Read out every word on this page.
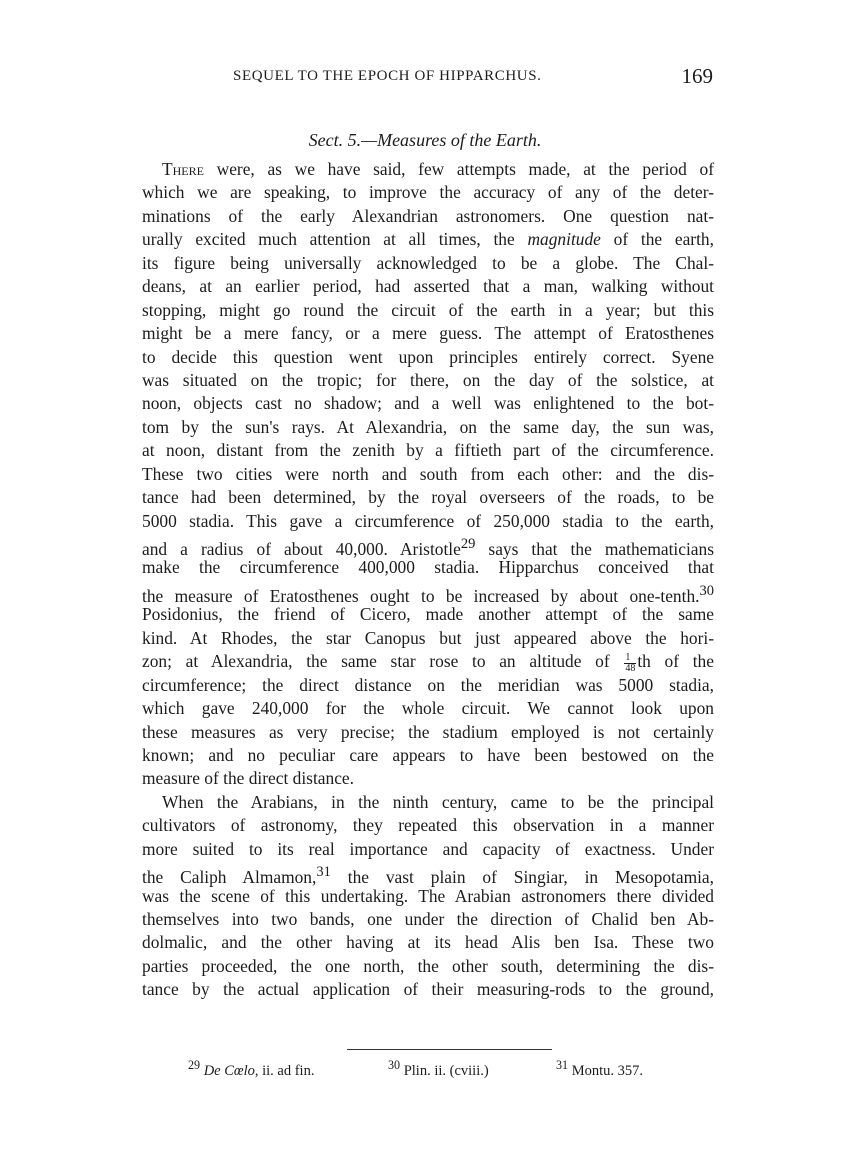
SEQUEL TO THE EPOCH OF HIPPARCHUS.	169
Sect. 5.—Measures of the Earth.
There were, as we have said, few attempts made, at the period of
which we are speaking, to improve the accuracy of any of the deter-
minations of the early Alexandrian astronomers. One question nat-
urally excited much attention at all times, the magnitude of the earth,
its figure being universally acknowledged to be a globe. The Chal-
deans, at an earlier period, had asserted that a man, walking without
stopping, might go round the circuit of the earth in a year; but this
might be a mere fancy, or a mere guess. The attempt of Eratosthenes
to decide this question went upon principles entirely correct. Syene
was situated on the tropic; for there, on the day of the solstice, at
noon, objects cast no shadow; and a well was enlightened to the bot-
tom by the sun's rays. At Alexandria, on the same day, the sun was,
at noon, distant from the zenith by a fiftieth part of the circumference.
These two cities were north and south from each other: and the dis-
tance had been determined, by the royal overseers of the roads, to be
5000 stadia. This gave a circumference of 250,000 stadia to the earth,
and a radius of about 40,000. Aristotle$^{29}$ says that the mathematicians
make the circumference 400,000 stadia. Hipparchus conceived that
the measure of Eratosthenes ought to be increased by about one-tenth.$^{30}$
Posidonius, the friend of Cicero, made another attempt of the same
kind. At Rhodes, the star Canopus but just appeared above the hori-
zon; at Alexandria, the same star rose to an altitude of $\frac{1}{48}$ th of the
circumference; the direct distance on the meridian was 5000 stadia,
which gave 240,000 for the whole circuit. We cannot look upon
these measures as very precise; the stadium employed is not certainly
known; and no peculiar care appears to have been bestowed on the
measure of the direct distance.
When the Arabians, in the ninth century, came to be the principal
cultivators of astronomy, they repeated this observation in a manner
more suited to its real importance and capacity of exactness. Under
the Caliph Almamon,$^{31}$ the vast plain of Singiar, in Mesopotamia,
was the scene of this undertaking. The Arabian astronomers there divided
themselves into two bands, one under the direction of Chalid ben Ab-
dolmalic, and the other having at its head Alis ben Isa. These two
parties proceeded, the one north, the other south, determining the dis-
tance by the actual application of their measuring-rods to the ground,
$^{29}$ De Cœlo, ii. ad fin.	$^{30}$ Plin. ii. (cviii.)	$^{31}$ Montu. 357.
